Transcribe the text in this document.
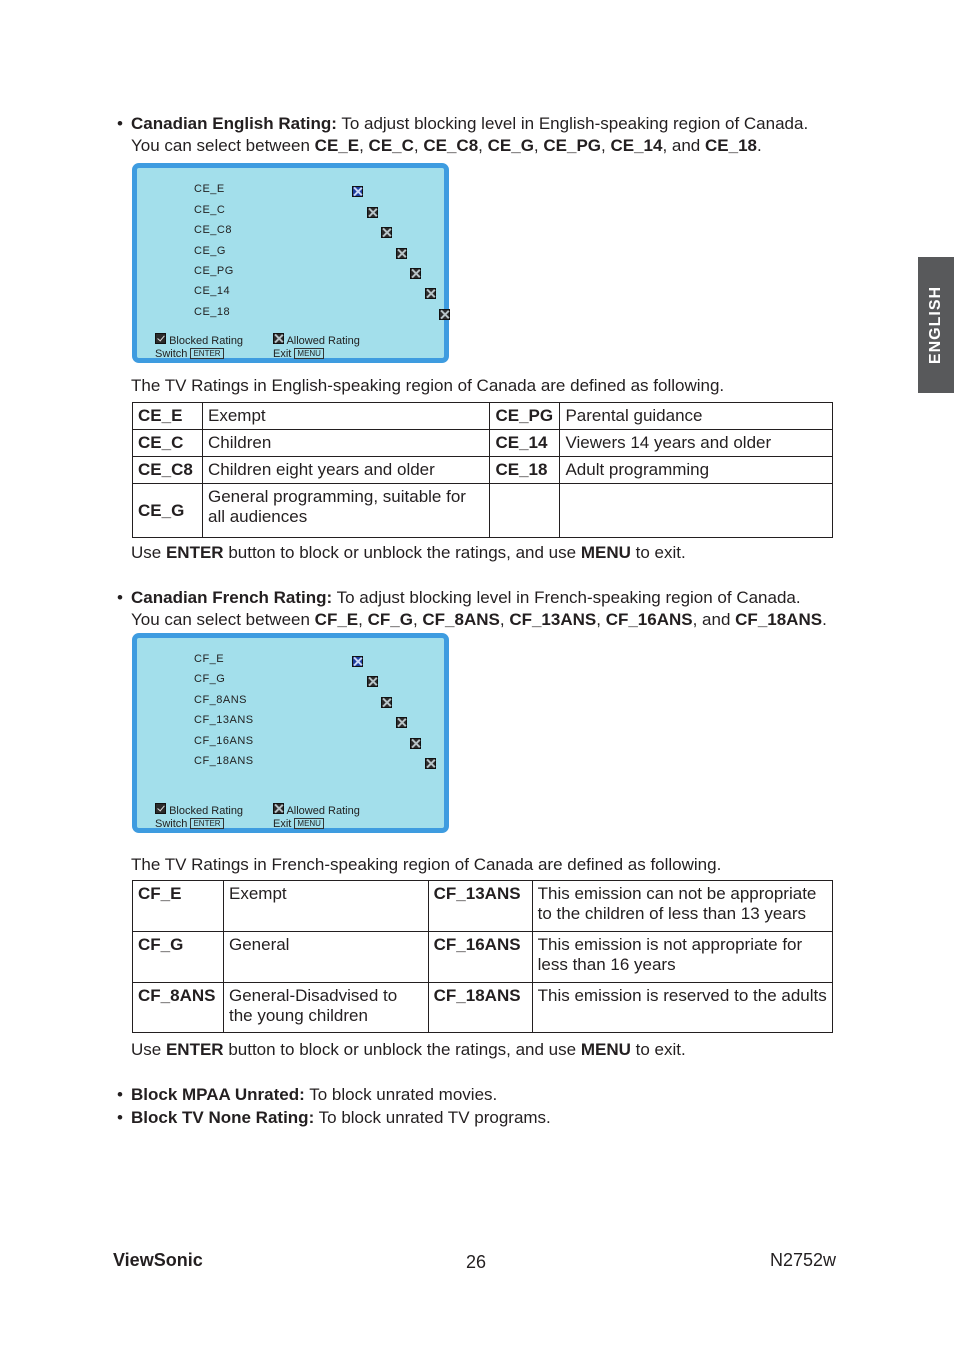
ENGLISH
• Canadian English Rating: To adjust blocking level in English-speaking region of Canada.
You can select between CE_E, CE_C, CE_C8, CE_G, CE_PG, CE_14, and CE_18.
CE_E
CE_C
CE_C8
CE_G
CE_PG
CE_14
CE_18

Blocked Rating	Allowed Rating
Switch ENTER	Exit MENU
The TV Ratings in English-speaking region of Canada are defined as following.
CE_E	Exempt	CE_PG	Parental guidance
CE_C	Children	CE_14	Viewers 14 years and older
CE_C8	Children eight years and older	CE_18	Adult programming
CE_G	General programming, suitable for all audiences		
Use ENTER button to block or unblock the ratings, and use MENU to exit.
• Canadian French Rating: To adjust blocking level in French-speaking region of Canada.
You can select between CF_E, CF_G, CF_8ANS, CF_13ANS, CF_16ANS, and CF_18ANS.
CF_E
CF_G
CF_8ANS
CF_13ANS
CF_16ANS
CF_18ANS

Blocked Rating	Allowed Rating
Switch ENTER	Exit MENU
The TV Ratings in French-speaking region of Canada are defined as following.
CF_E	Exempt	CF_13ANS	This emission can not be appropriate to the children of less than 13 years
CF_G	General	CF_16ANS	This emission is not appropriate for less than 16 years
CF_8ANS	General-Disadvised to the young children	CF_18ANS	This emission is reserved to the adults
Use ENTER button to block or unblock the ratings, and use MENU to exit.
• Block MPAA Unrated: To block unrated movies.
• Block TV None Rating: To block unrated TV programs.
ViewSonic	26	N2752w
